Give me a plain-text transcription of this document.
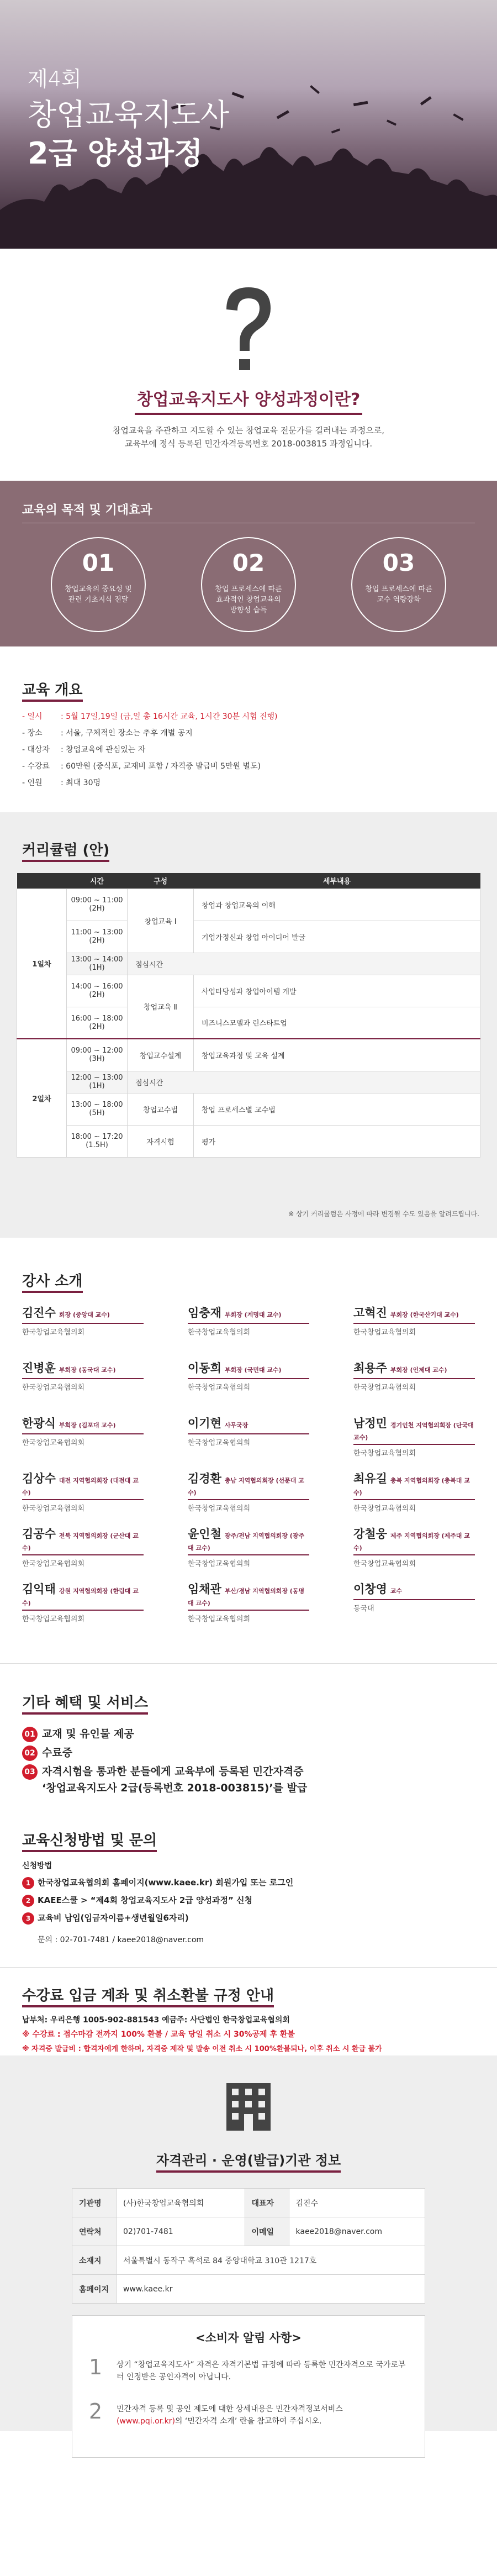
제4회
창업교육지도사
2급 양성과정
창업교육지도사 양성과정이란?

창업교육을 주관하고 지도할 수 있는 창업교육 전문가를 길러내는 과정으로,

교육부에 정식 등록된 민간자격등록번호 2018-003815 과정입니다.

교육의 목적 및 기대효과
01
창업교육의 중요성 및
관련 기초지식 전달
02
창업 프로세스에 따른
효과적인 창업교육의
방향성 습득
03
창업 프로세스에 따른
교수 역량강화
교육 개요
- 일시 : 5월 17일,19일 (금,일 총 16시간 교육, 1시간 30분 시험 진행)
- 장소 : 서울, 구체적인 장소는 추후 개별 공지
- 대상자 : 창업교육에 관심있는 자
- 수강료 : 60만원 (중식포, 교재비 포함 / 자격증 발급비 5만원 별도)
- 인원 : 최대 30명
커리큘럼 (안)
	시간	구성	세부내용
1일차	09:00 ~ 11:00 (2H)	창업교육 Ⅰ	창업과 창업교육의 이해
	11:00 ~ 13:00 (2H)		기업가정신과 창업 아이디어 발굴
	13:00 ~ 14:00 (1H)	점심시간	
	14:00 ~ 16:00 (2H)	창업교육 Ⅱ	사업타당성과 창업아이템 개발
	16:00 ~ 18:00 (2H)		비즈니스모델과 린스타트업
2일차	09:00 ~ 12:00 (3H)	창업교수설계	창업교육과정 및 교육 설계
	12:00 ~ 13:00 (1H)	점심시간	
	13:00 ~ 18:00 (5H)	창업교수법	창업 프로세스별 교수법
	18:00 ~ 17:20 (1.5H)	자격시험	평가
※ 상기 커리큘럼은 사정에 따라 변경될 수도 있음을 알려드립니다.
강사 소개
김진수 회장 (중앙대 교수)
한국창업교육협의회
임충재 부회장 (계명대 교수)
한국창업교육협의회
고혁진 부회장 (한국산기대 교수)
한국창업교육협의회
진병훈 부회장 (동국대 교수)
한국창업교육협의회
이동희 부회장 (국민대 교수)
한국창업교육협의회
최용주 부회장 (인제대 교수)
한국창업교육협의회
한광식 부회장 (김포대 교수)
한국창업교육협의회
이기현 사무국장
한국창업교육협의회
남정민 경기인천 지역협의회장 (단국대 교수)
한국창업교육협의회
김상수 대전 지역협의회장 (대전대 교수)
한국창업교육협의회
김경환 충남 지역협의회장 (선문대 교수)
한국창업교육협의회
최유길 충북 지역협의회장 (충북대 교수)
한국창업교육협의회
김공수 전북 지역협의회장 (군산대 교수)
한국창업교육협의회
윤인철 광주/전남 지역협의회장 (광주대 교수)
한국창업교육협의회
강철웅 제주 지역협의회장 (제주대 교수)
한국창업교육협의회
김익태 강원 지역협의회장 (한림대 교수)
한국창업교육협의회
임채관 부산/경남 지역협의회장 (동명대 교수)
한국창업교육협의회
이창영 교수
동국대
기타 혜택 및 서비스
01 교재 및 유인물 제공
02 수료증
03 자격시험을 통과한 분들에게 교육부에 등록된 민간자격증
‘창업교육지도사 2급(등록번호 2018-003815)’를 발급
교육신청방법 및 문의
신청방법
1 한국창업교육협의회 홈페이지(www.kaee.kr) 회원가입 또는 로그인
2 KAEE스쿨 > “제4회 창업교육지도사 2급 양성과정” 신청
3 교육비 납입(입금자이름+생년월일6자리)
문의 : 02-701-7481 / kaee2018@naver.com
수강료 입금 계좌 및 취소환불 규정 안내
납부처: 우리은행 1005-902-881543 예금주: 사단법인 한국창업교육협의회
※ 수강료 : 접수마감 전까지 100% 환불 / 교육 당일 취소 시 30%공제 후 환불
※ 자격증 발급비 : 합격자에게 한하며, 자격증 제작 및 발송 이전 취소 시 100%환불되나, 이후 취소 시 환급 불가
자격관리 · 운영(발급)기관 정보
기관명	(사)한국창업교육협의회	대표자	김진수
연락처	02)701-7481	이메일	kaee2018@naver.com
소재지	서울특별시 동작구 흑석로 84 중앙대학교 310관 1217호		
홈페이지	www.kaee.kr		
<소비자 알림 사항>
1 상기 “창업교육지도사” 자격은 자격기본법 규정에 따라 등록한 민간자격으로 국가로부터 인정받은 공인자격이 아닙니다.
2 민간자격 등록 및 공인 제도에 대한 상세내용은 민간자격정보서비스
(www.pqi.or.kr)의 ‘민간자격 소개’ 란을 참고하여 주십시오.
